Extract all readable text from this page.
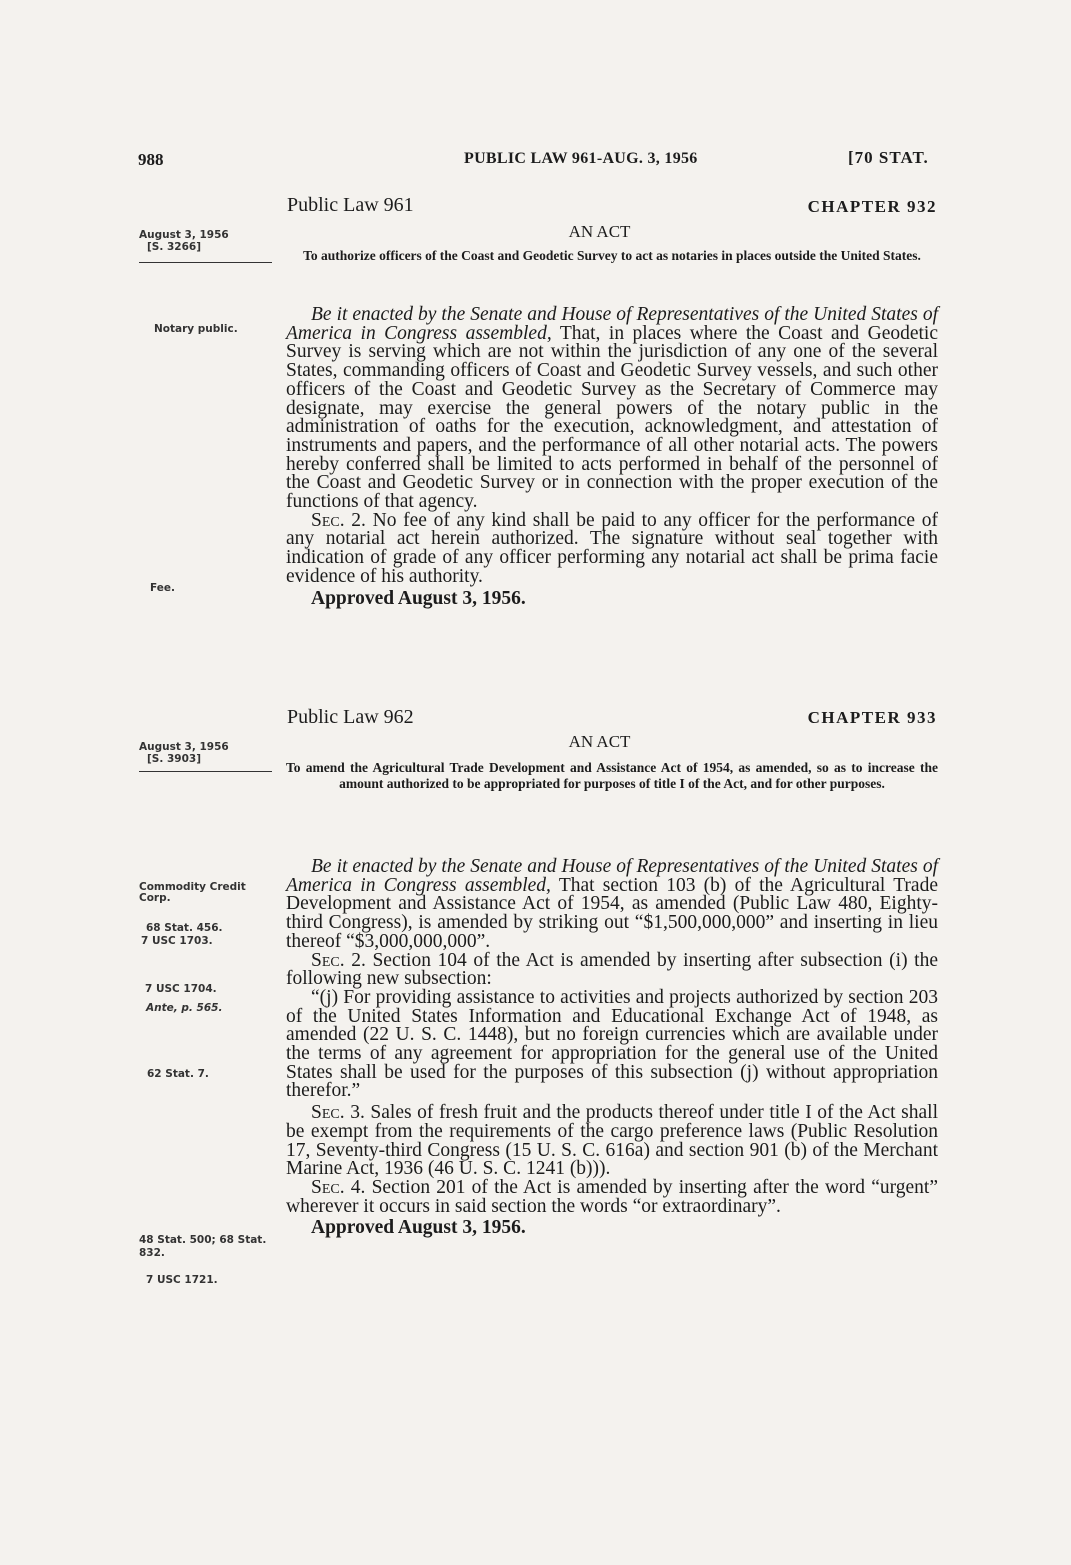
988	PUBLIC LAW 961-AUG. 3, 1956	[70 STAT.
Public Law 961	CHAPTER 932
August 3, 1956
[S. 3266]
AN ACT
To authorize officers of the Coast and Geodetic Survey to act as notaries in places outside the United States.
Notary public.
Fee.

Be it enacted by the Senate and House of Representatives of the United States of America in Congress assembled, That, in places where the Coast and Geodetic Survey is serving which are not within the jurisdiction of any one of the several States, commanding officers of Coast and Geodetic Survey vessels, and such other officers of the Coast and Geodetic Survey as the Secretary of Commerce may designate, may exercise the general powers of the notary public in the administration of oaths for the execution, acknowledgment, and attestation of instruments and papers, and the performance of all other notarial acts. The powers hereby conferred shall be limited to acts performed in behalf of the personnel of the Coast and Geodetic Survey or in connection with the proper execution of the functions of that agency.

Sec. 2. No fee of any kind shall be paid to any officer for the performance of any notarial act herein authorized. The signature without seal together with indication of grade of any officer performing any notarial act shall be prima facie evidence of his authority.

Approved August 3, 1956.

Public Law 962	CHAPTER 933
August 3, 1956
[S. 3903]
AN ACT
To amend the Agricultural Trade Development and Assistance Act of 1954, as amended, so as to increase the amount authorized to be appropriated for purposes of title I of the Act, and for other purposes.
Commodity Credit Corp.
68 Stat. 456.
7 USC 1703.
7 USC 1704.
Ante, p. 565.
62 Stat. 7.
48 Stat. 500; 68 Stat. 832.
7 USC 1721.

Be it enacted by the Senate and House of Representatives of the United States of America in Congress assembled, That section 103 (b) of the Agricultural Trade Development and Assistance Act of 1954, as amended (Public Law 480, Eighty-third Congress), is amended by striking out “$1,500,000,000” and inserting in lieu thereof “$3,000,000,000”.

Sec. 2. Section 104 of the Act is amended by inserting after subsection (i) the following new subsection:

“(j) For providing assistance to activities and projects authorized by section 203 of the United States Information and Educational Exchange Act of 1948, as amended (22 U. S. C. 1448), but no foreign currencies which are available under the terms of any agreement for appropriation for the general use of the United States shall be used for the purposes of this subsection (j) without appropriation therefor.”

Sec. 3. Sales of fresh fruit and the products thereof under title I of the Act shall be exempt from the requirements of the cargo preference laws (Public Resolution 17, Seventy-third Congress (15 U. S. C. 616a) and section 901 (b) of the Merchant Marine Act, 1936 (46 U. S. C. 1241 (b))).

Sec. 4. Section 201 of the Act is amended by inserting after the word “urgent” wherever it occurs in said section the words “or extraordinary”.

Approved August 3, 1956.
